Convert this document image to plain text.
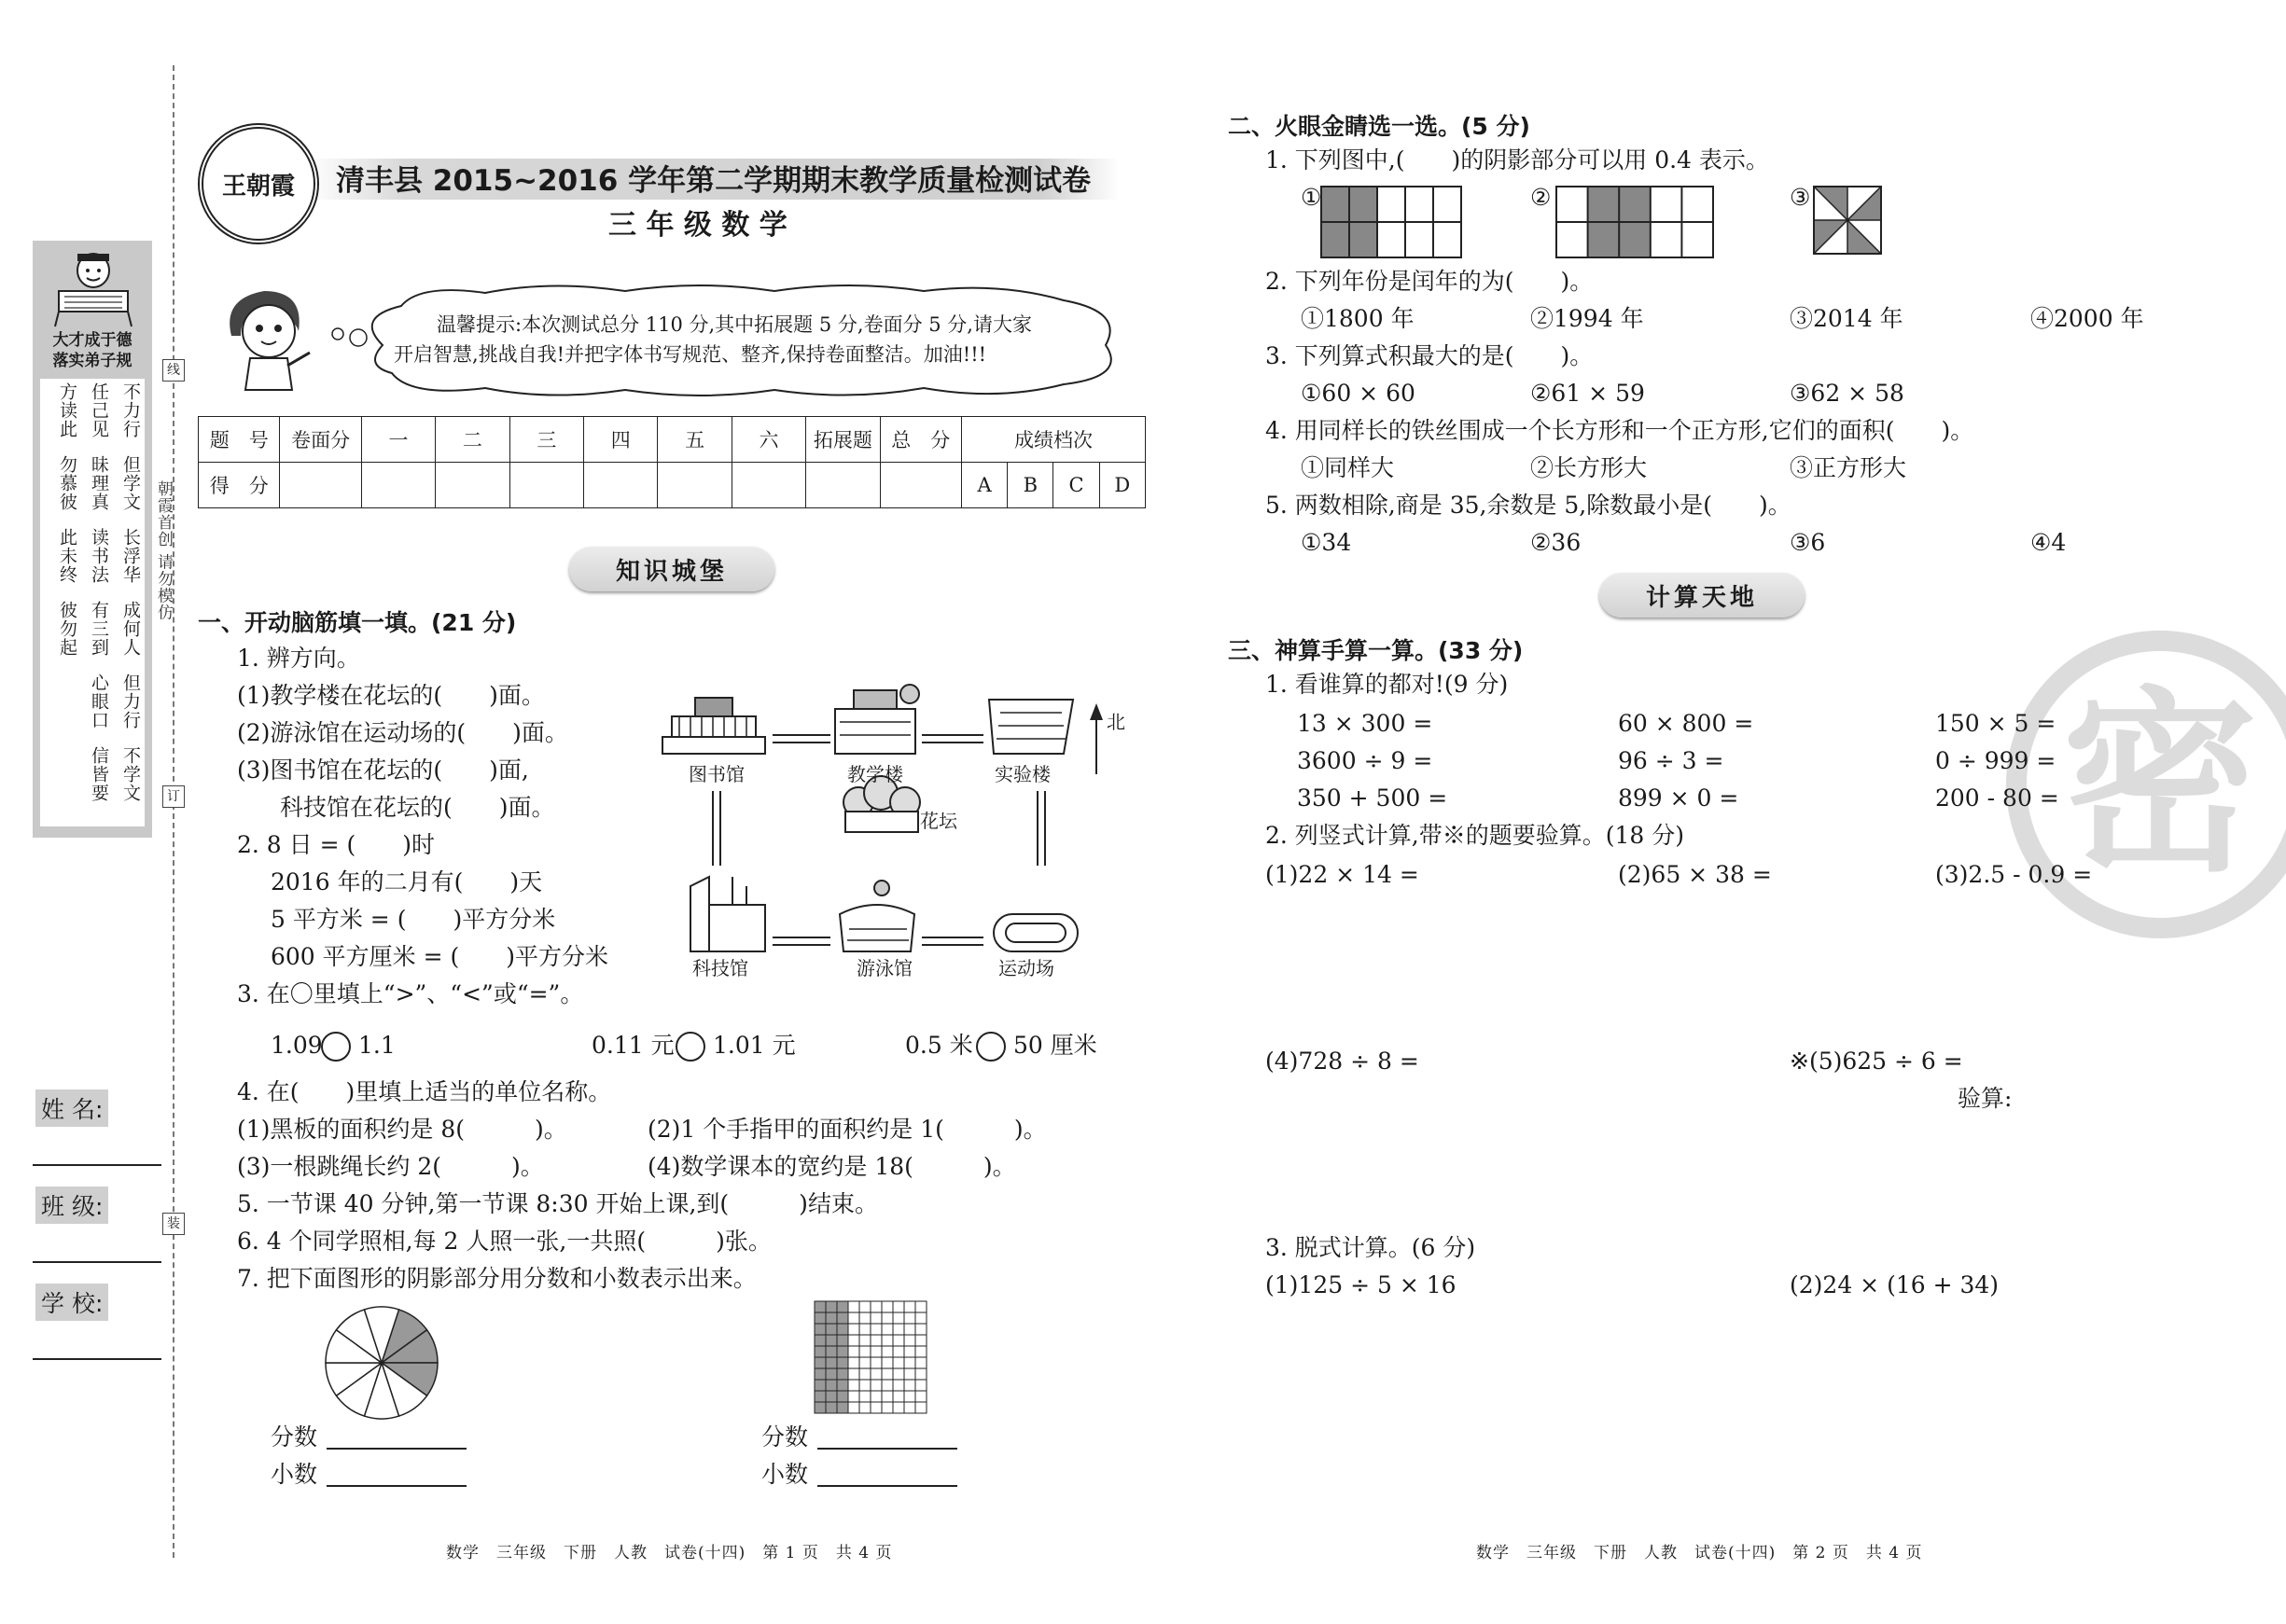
大才成于德
落实弟子规
不力行
任己见
方读此
但学文
昧理真
勿慕彼
长浮华
读书法
此未终
成何人
有三到
彼勿起
但力行
心眼口
不学文
信皆要
朝霞首创 请勿模仿
线
订
装
姓 名:
班 级:
学 校:
王朝霞 清丰县 2015~2016 学年第二学期期末教学质量检测试卷
三 年 级 数 学
温馨提示:本次测试总分 110 分,其中拓展题 5 分,卷面分 5 分,请大家
开启智慧,挑战自我!并把字体书写规范、整齐,保持卷面整洁。加油!!!
题　号	卷面分	一	二	三	四	五	六	拓展题	总　分	成绩档次			
得　分										A	B	C	D
知识城堡
一、开动脑筋填一填。(21 分)
1. 辨方向。
(1)教学楼在花坛的(　　)面。
(2)游泳馆在运动场的(　　)面。
(3)图书馆在花坛的(　　)面,
科技馆在花坛的(　　)面。
图书馆	教学楼	实验楼
花坛
科技馆	游泳馆	运动场
北
2. 8 日 = (　　)时
2016 年的二月有(　　)天
5 平方米 = (　　)平方分米
600 平方厘米 = (　　)平方分米
3. 在〇里填上“>”、“<”或“=”。
1.09 1.1	0.11 元 1.01 元	0.5 米 50 厘米
4. 在(　　)里填上适当的单位名称。
(1)黑板的面积约是 8(　　　)。	(2)1 个手指甲的面积约是 1(　　　)。
(3)一根跳绳长约 2(　　　)。	(4)数学课本的宽约是 18(　　　)。
5. 一节课 40 分钟,第一节课 8:30 开始上课,到(　　　)结束。
6. 4 个同学照相,每 2 人照一张,一共照(　　　)张。
7. 把下面图形的阴影部分用分数和小数表示出来。
分数
小数
分数
小数
数学　三年级　下册　人教　试卷(十四)　第 1 页　共 4 页
二、火眼金睛选一选。(5 分)
1. 下列图中,(　　)的阴影部分可以用 0.4 表示。
①	②	③
2. 下列年份是闰年的为(　　)。
①1800 年	②1994 年	③2014 年	④2000 年
3. 下列算式积最大的是(　　)。
①60 × 60	②61 × 59	③62 × 58
4. 用同样长的铁丝围成一个长方形和一个正方形,它们的面积(　　)。
①同样大	②长方形大	③正方形大
5. 两数相除,商是 35,余数是 5,除数最小是(　　)。
①34	②36	③6	④4
计算天地
密
三、神算手算一算。(33 分)
1. 看谁算的都对!(9 分)
13 × 300 =	60 × 800 =	150 × 5 =
3600 ÷ 9 =	96 ÷ 3 =	0 ÷ 999 =
350 + 500 =	899 × 0 =	200 - 80 =
2. 列竖式计算,带※的题要验算。(18 分)
(1)22 × 14 =	(2)65 × 38 =	(3)2.5 - 0.9 =
(4)728 ÷ 8 =	※(5)625 ÷ 6 =
验算:
3. 脱式计算。(6 分)
(1)125 ÷ 5 × 16	(2)24 × (16 + 34)
数学　三年级　下册　人教　试卷(十四)　第 2 页　共 4 页
